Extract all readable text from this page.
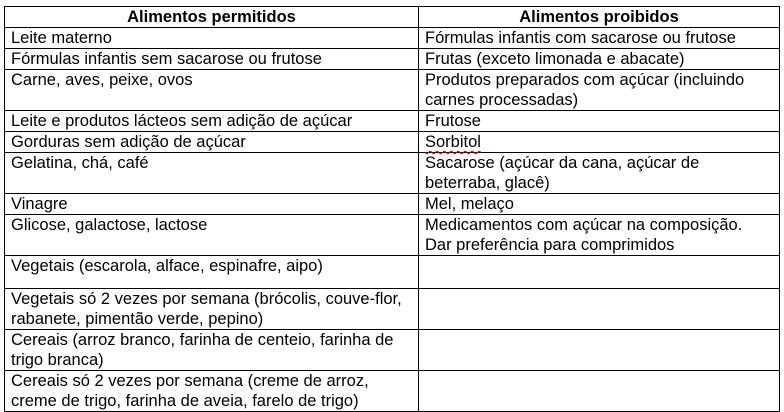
Alimentos permitidos	Alimentos proibidos
Leite materno	Fórmulas infantis com sacarose ou frutose
Fórmulas infantis sem sacarose ou frutose	Frutas (exceto limonada e abacate)
Carne, aves, peixe, ovos	Produtos preparados com açúcar (incluindo carnes processadas)
Leite e produtos lácteos sem adição de açúcar	Frutose
Gorduras sem adição de açúcar	Sorbitol
Gelatina, chá, café	Sacarose (açúcar da cana, açúcar de beterraba, glacê)
Vinagre	Mel, melaço
Glicose, galactose, lactose	Medicamentos com açúcar na composição. Dar preferência para comprimidos
Vegetais (escarola, alface, espinafre, aipo)	
Vegetais só 2 vezes por semana (brócolis, couve-flor, rabanete, pimentão verde, pepino)	
Cereais (arroz branco, farinha de centeio, farinha de trigo branca)	
Cereais só 2 vezes por semana (creme de arroz, creme de trigo, farinha de aveia, farelo de trigo)	
